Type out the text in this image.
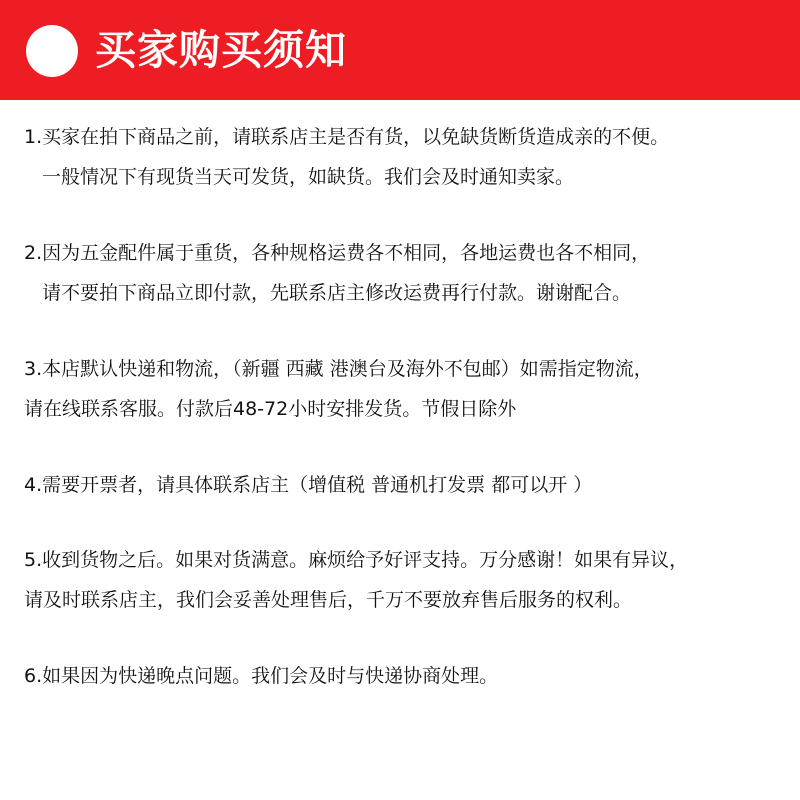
买家购买须知
1.买家在拍下商品之前，请联系店主是否有货，以免缺货断货造成亲的不便。
一般情况下有现货当天可发货，如缺货。我们会及时通知卖家。
2.因为五金配件属于重货，各种规格运费各不相同，各地运费也各不相同，
请不要拍下商品立即付款，先联系店主修改运费再行付款。谢谢配合。
3.本店默认快递和物流，（新疆 西藏 港澳台及海外不包邮）如需指定物流，
请在线联系客服。付款后48-72小时安排发货。节假日除外
4.需要开票者，请具体联系店主（增值税 普通机打发票 都可以开 ）
5.收到货物之后。如果对货满意。麻烦给予好评支持。万分感谢！如果有异议，
请及时联系店主，我们会妥善处理售后，千万不要放弃售后服务的权利。
6.如果因为快递晚点问题。我们会及时与快递协商处理。
